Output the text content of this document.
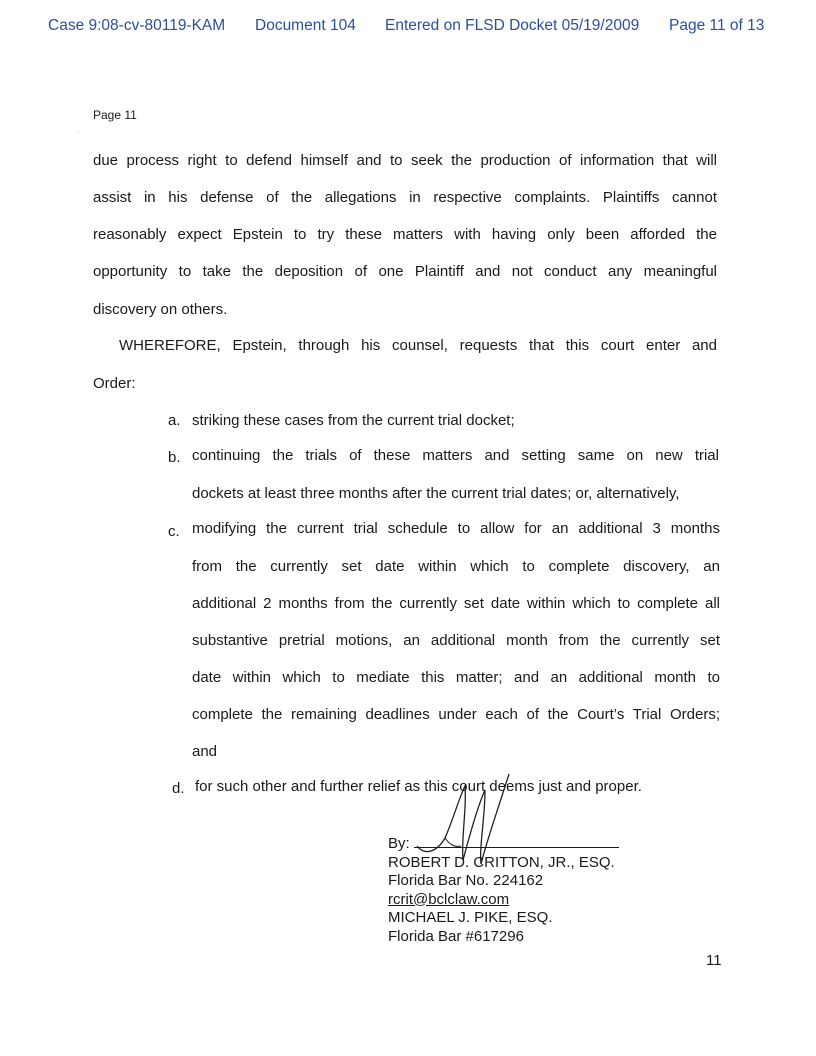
Case 9:08-cv-80119-KAM Document 104 Entered on FLSD Docket 05/19/2009 Page 11 of 13
Page 11
.
due process right to defend himself and to seek the production of information that will
assist in his defense of the allegations in respective complaints. Plaintiffs cannot
reasonably expect Epstein to try these matters with having only been afforded the
opportunity to take the deposition of one Plaintiff and not conduct any meaningful
discovery on others.
WHEREFORE, Epstein, through his counsel, requests that this court enter and
Order:
a. striking these cases from the current trial docket;
b. continuing the trials of these matters and setting same on new trial
dockets at least three months after the current trial dates; or, alternatively,
c. modifying the current trial schedule to allow for an additional 3 months
from the currently set date within which to complete discovery, an
additional 2 months from the currently set date within which to complete all
substantive pretrial motions, an additional month from the currently set
date within which to mediate this matter; and an additional month to
complete the remaining deadlines under each of the Court’s Trial Orders;
and
d. for such other and further relief as this court deems just and proper.
By:
ROBERT D. CRITTON, JR., ESQ.
Florida Bar No. 224162
rcrit@bclclaw.com
MICHAEL J. PIKE, ESQ.
Florida Bar #617296
11
